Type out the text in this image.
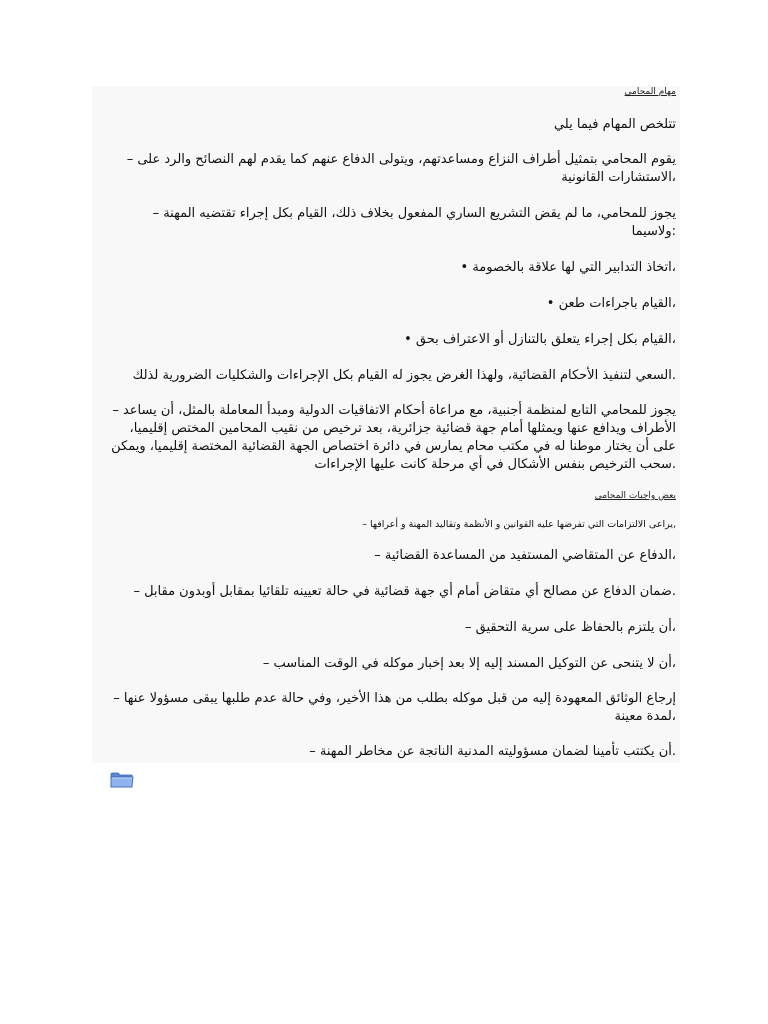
مهام المحامي

تتلخص المهام فيما يلي

يقوم المحامي بتمثيل أطراف النزاع ومساعدتهم، ويتولى الدفاع عنهم كما يقدم لهم النصائح والرد على –
،الاستشارات القانونية

يجوز للمحامي، ما لم يقض التشريع الساري المفعول بخلاف ذلك، القيام بكل إجراء تقتضيه المهنة –
:ولاسيما

،اتخاذ التدابير التي لها علاقة بالخصومة •

،القيام باجراءات طعن •

،القيام بكل إجراء يتعلق بالتنازل أو الاعتراف بحق •

.السعي لتنفيذ الأحكام القضائية، ولهذا الغرض يجوز له القيام بكل الإجراءات والشكليات الضرورية لذلك

يجوز للمحامي التابع لمنظمة أجنبية، مع مراعاة أحكام الاتفاقيات الدولية ومبدأ المعاملة بالمثل، أن يساعد –
الأطراف ويدافع عنها ويمثلها أمام جهة قضائية جزائرية، بعد ترخيص من نقيب المحامين المختص إقليميا،
على أن يختار موطنا له في مكتب محام يمارس في دائرة اختصاص الجهة القضائية المختصة إقليميا، ويمكن
.سحب الترخيص بنفس الأشكال في أي مرحلة كانت عليها الإجراءات

بعض واجبات المحامي

,يراعى الالتزامات التي تفرضها عليه القوانين و الأنظمة وتقاليد المهنة و أعرافها –

،الدفاع عن المتقاضي المستفيد من المساعدة القضائية –

.ضمان الدفاع عن مصالح أي متقاض أمام أي جهة قضائية في حالة تعيينه تلقائيا بمقابل أوبدون مقابل –

،أن يلتزم بالحفاظ على سرية التحقيق –

،أن لا يتنحى عن التوكيل المسند إليه إلا بعد إخبار موكله في الوقت المناسب –

إرجاع الوثائق المعهودة إليه من قبل موكله بطلب من هذا الأخير، وفي حالة عدم طلبها يبقى مسؤولا عنها –
،لمدة معينة

.أن يكتتب تأمينا لضمان مسؤوليته المدنية الناتجة عن مخاطر المهنة –
